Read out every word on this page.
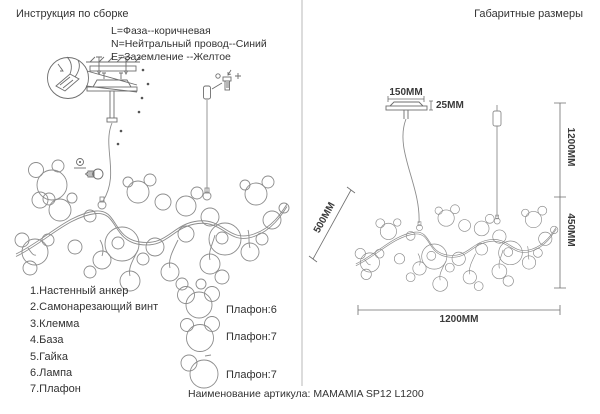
Инструкция по сборке	Габаритные размеры
L=Фаза--коричневая
N=Нейтральный провод--Синий
E=Заземление --Желтое
1.Настенный анкер
2.Самонарезающий винт
3.Клемма
4.База
5.Гайка
6.Лампа
7.Плафон
Плафон:6
Плафон:7
Плафон:7
150MM
25MM
1200MM
450MM
500MM
1200MM
Наименование артикула: MAMAMIA SP12 L1200
